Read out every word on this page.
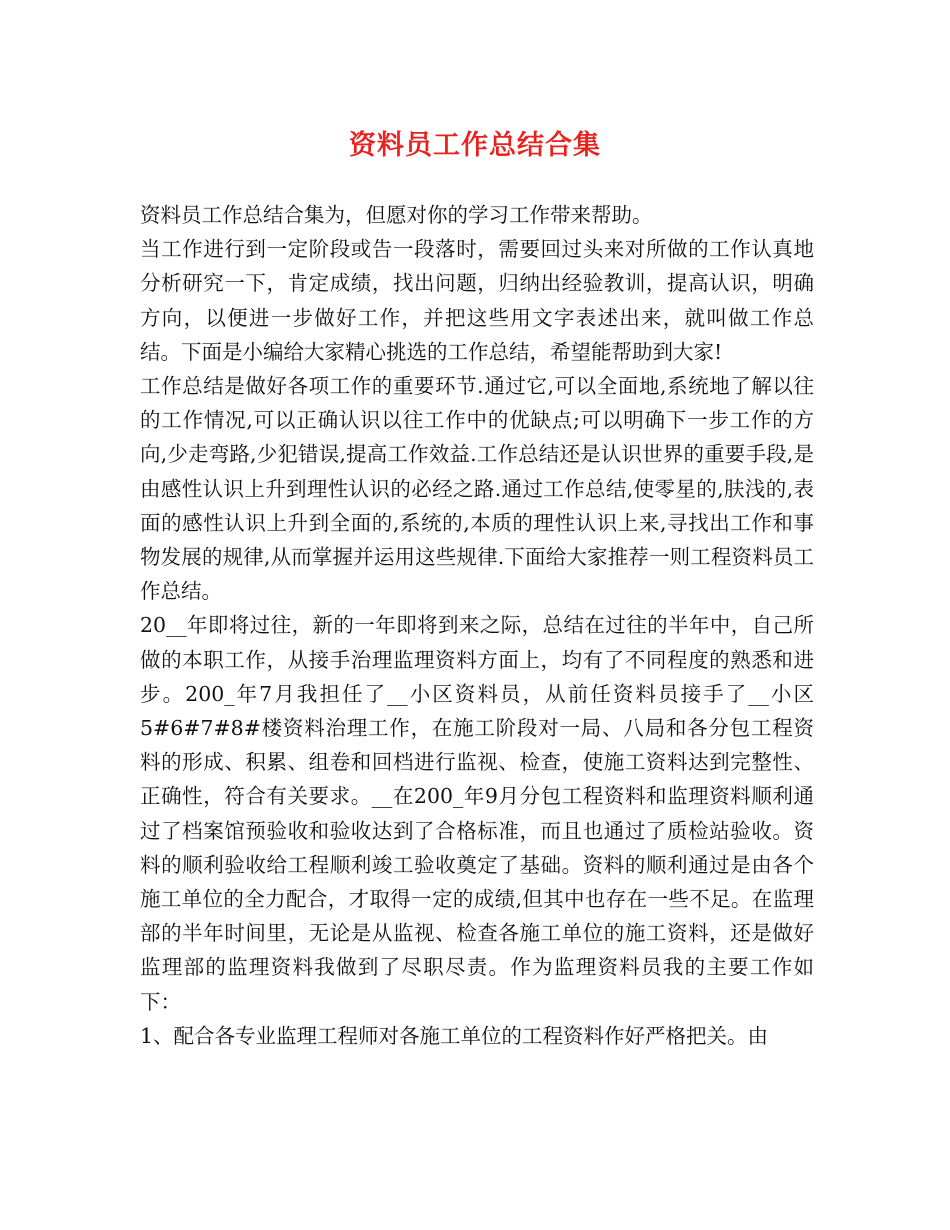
资料员工作总结合集

资料员工作总结合集为，但愿对你的学习工作带来帮助。

当工作进行到一定阶段或告一段落时，需要回过头来对所做的工作认真地分析研究一下，肯定成绩，找出问题，归纳出经验教训，提高认识，明确方向，以便进一步做好工作，并把这些用文字表述出来，就叫做工作总结。下面是小编给大家精心挑选的工作总结，希望能帮助到大家!

工作总结是做好各项工作的重要环节.通过它,可以全面地,系统地了解以往的工作情况,可以正确认识以往工作中的优缺点;可以明确下一步工作的方向,少走弯路,少犯错误,提高工作效益.工作总结还是认识世界的重要手段,是由感性认识上升到理性认识的必经之路.通过工作总结,使零星的,肤浅的,表面的感性认识上升到全面的,系统的,本质的理性认识上来,寻找出工作和事物发展的规律,从而掌握并运用这些规律.下面给大家推荐一则工程资料员工作总结。

20__年即将过往，新的一年即将到来之际，总结在过往的半年中，自己所做的本职工作，从接手治理监理资料方面上，均有了不同程度的熟悉和进步。200_年7月我担任了__小区资料员，从前任资料员接手了__小区5#6#7#8#楼资料治理工作，在施工阶段对一局、八局和各分包工程资料的形成、积累、组卷和回档进行监视、检查，使施工资料达到完整性、正确性，符合有关要求。__在200_年9月分包工程资料和监理资料顺利通过了档案馆预验收和验收达到了合格标准，而且也通过了质检站验收。资料的顺利验收给工程顺利竣工验收奠定了基础。资料的顺利通过是由各个施工单位的全力配合，才取得一定的成绩,但其中也存在一些不足。在监理部的半年时间里，无论是从监视、检查各施工单位的施工资料，还是做好监理部的监理资料我做到了尽职尽责。作为监理资料员我的主要工作如下：

1、配合各专业监理工程师对各施工单位的工程资料作好严格把关。由
